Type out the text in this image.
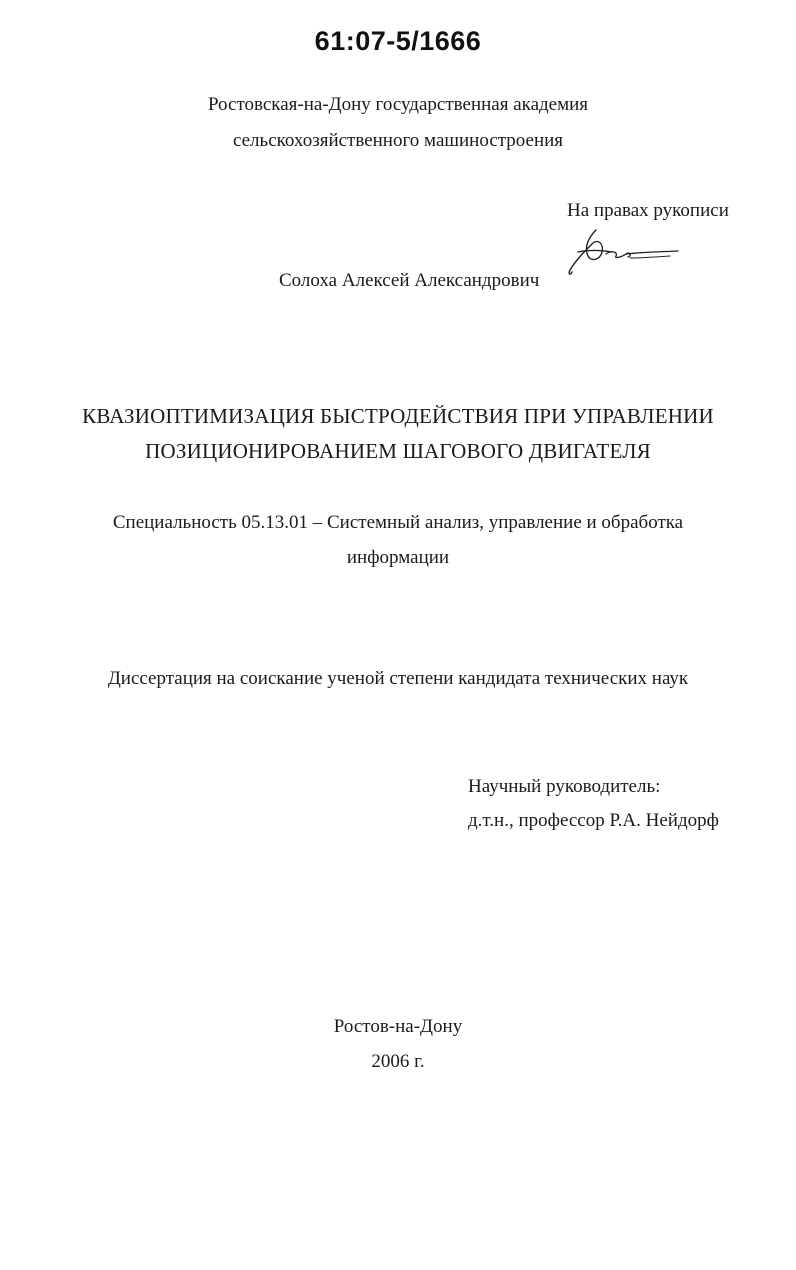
61:07-5/1666
Ростовская-на-Дону государственная академия
сельскохозяйственного машиностроения
На правах рукописи
Солоха Алексей Александрович
КВАЗИОПТИМИЗАЦИЯ БЫСТРОДЕЙСТВИЯ ПРИ УПРАВЛЕНИИ
ПОЗИЦИОНИРОВАНИЕМ ШАГОВОГО ДВИГАТЕЛЯ
Специальность 05.13.01 – Системный анализ, управление и обработка
информации
Диссертация на соискание ученой степени кандидата технических наук
Научный руководитель:
д.т.н., профессор Р.А. Нейдорф
Ростов-на-Дону
2006 г.
